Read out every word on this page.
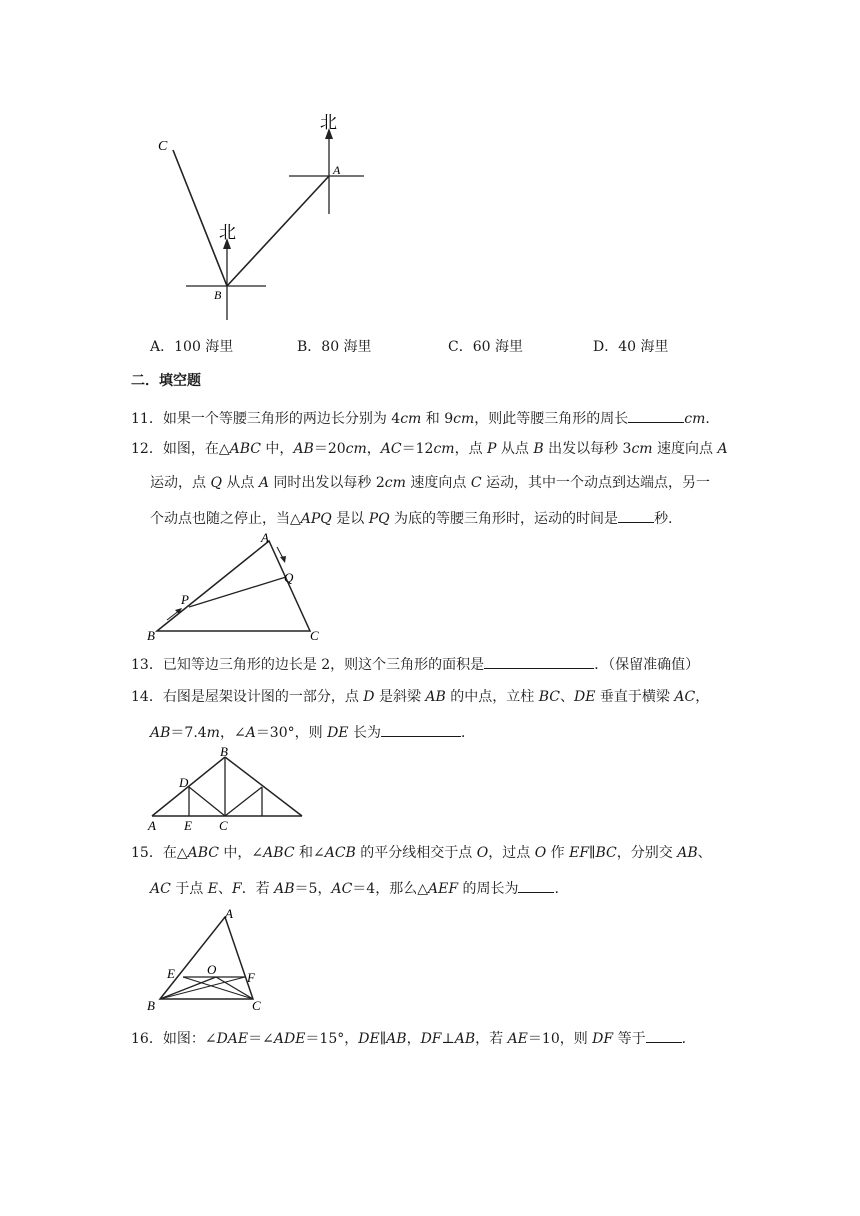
C
A
B
北
北
A．100 海里	B．80 海里	C．60 海里	D．40 海里
二．填空题
11．如果一个等腰三角形的两边长分别为 4cm 和 9cm，则此等腰三角形的周长	cm.
12．如图，在△ABC 中，AB＝20cm，AC＝12cm，点 P 从点 B 出发以每秒 3cm 速度向点 A
运动，点 Q 从点 A 同时出发以每秒 2cm 速度向点 C 运动，其中一个动点到达端点，另一
个动点也随之停止，当△APQ 是以 PQ 为底的等腰三角形时，运动的时间是	秒.
A
B	C
P
Q
13．已知等边三角形的边长是 2，则这个三角形的面积是	．（保留准确值）
14．右图是屋架设计图的一部分，点 D 是斜梁 AB 的中点，立柱 BC、DE 垂直于横梁 AC，
AB＝7.4m，∠A＝30°，则 DE 长为	．
B
D
A E C
15．在△ABC 中，∠ABC 和∠ACB 的平分线相交于点 O，过点 O 作 EF∥BC，分别交 AB、
AC 于点 E、F．若 AB＝5，AC＝4，那么△AEF 的周长为	.
A
E O
F
B	C
16．如图：∠DAE＝∠ADE＝15°，DE∥AB，DF⊥AB，若 AE＝10，则 DF 等于	.
